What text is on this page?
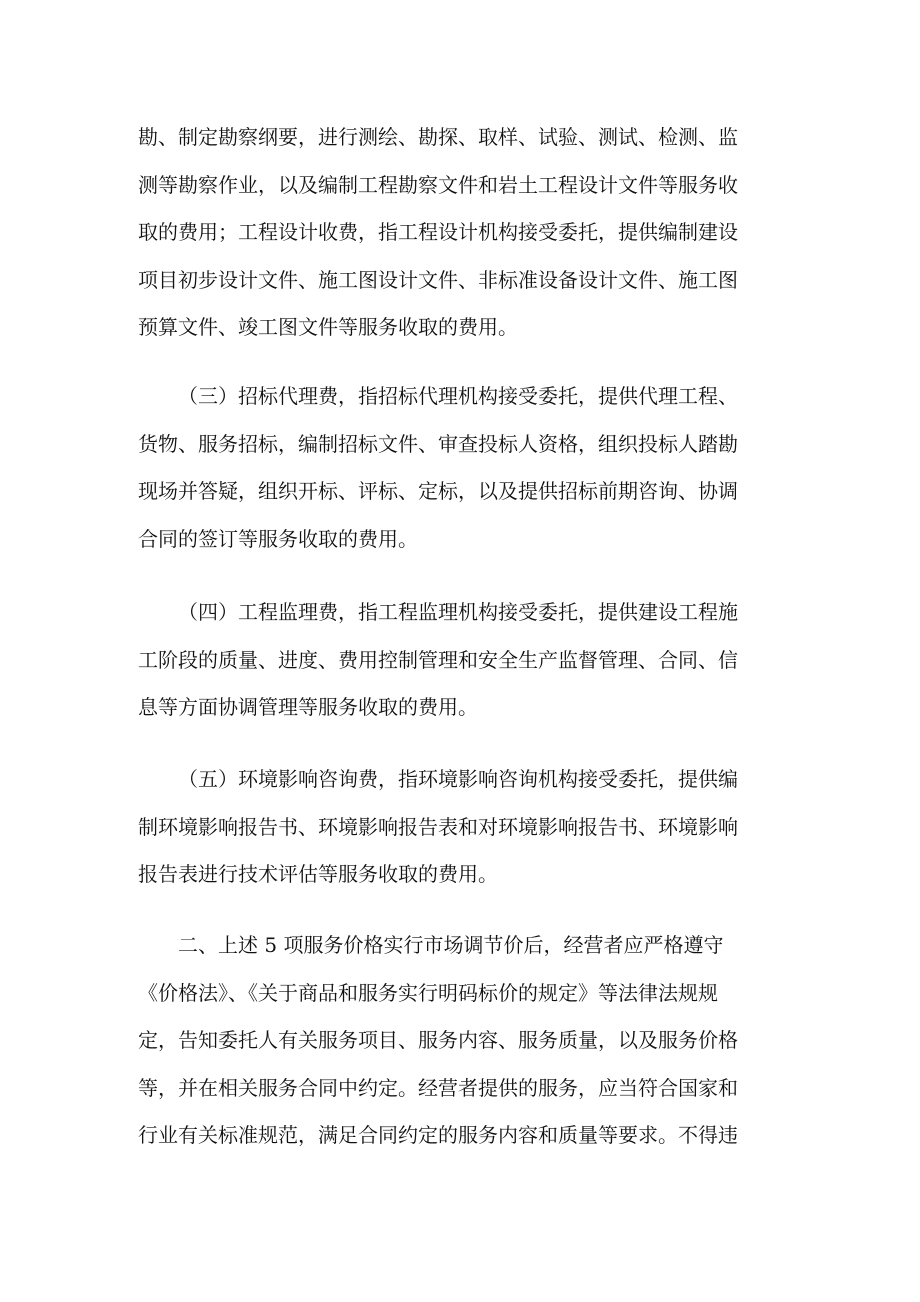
勘、制定勘察纲要，进行测绘、勘探、取样、试验、测试、检测、监
测等勘察作业，以及编制工程勘察文件和岩土工程设计文件等服务收
取的费用；工程设计收费，指工程设计机构接受委托，提供编制建设
项目初步设计文件、施工图设计文件、非标准设备设计文件、施工图
预算文件、竣工图文件等服务收取的费用。

（三）招标代理费，指招标代理机构接受委托，提供代理工程、
货物、服务招标，编制招标文件、审查投标人资格，组织投标人踏勘
现场并答疑，组织开标、评标、定标，以及提供招标前期咨询、协调
合同的签订等服务收取的费用。

（四）工程监理费，指工程监理机构接受委托，提供建设工程施
工阶段的质量、进度、费用控制管理和安全生产监督管理、合同、信
息等方面协调管理等服务收取的费用。

（五）环境影响咨询费，指环境影响咨询机构接受委托，提供编
制环境影响报告书、环境影响报告表和对环境影响报告书、环境影响
报告表进行技术评估等服务收取的费用。

二、上述 5 项服务价格实行市场调节价后，经营者应严格遵守
《价格法》、《关于商品和服务实行明码标价的规定》等法律法规规
定，告知委托人有关服务项目、服务内容、服务质量，以及服务价格
等，并在相关服务合同中约定。经营者提供的服务，应当符合国家和
行业有关标准规范，满足合同约定的服务内容和质量等要求。不得违
